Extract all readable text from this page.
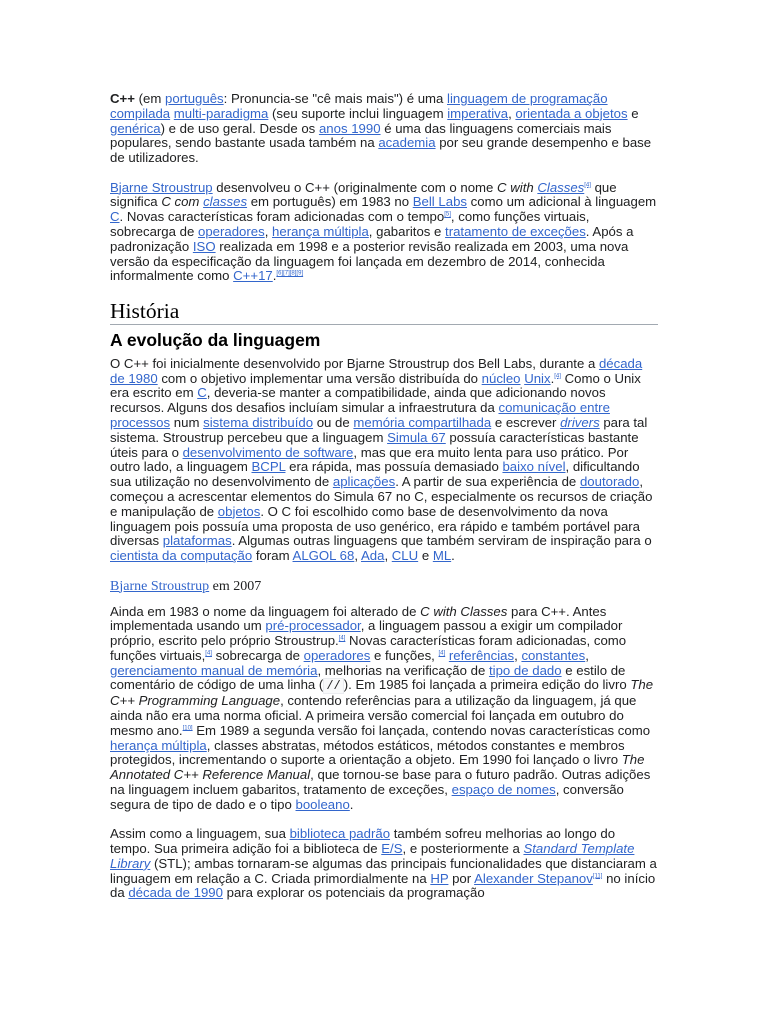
C++ (em português: Pronuncia-se "cê mais mais") é uma linguagem de programação compilada multi-paradigma (seu suporte inclui linguagem imperativa, orientada a objetos e genérica) e de uso geral. Desde os anos 1990 é uma das linguagens comerciais mais populares, sendo bastante usada também na academia por seu grande desempenho e base de utilizadores.

Bjarne Stroustrup desenvolveu o C++ (originalmente com o nome C with Classes[4] que significa C com classes em português) em 1983 no Bell Labs como um adicional à linguagem C. Novas características foram adicionadas com o tempo[5], como funções virtuais, sobrecarga de operadores, herança múltipla, gabaritos e tratamento de exceções. Após a padronização ISO realizada em 1998 e a posterior revisão realizada em 2003, uma nova versão da especificação da linguagem foi lançada em dezembro de 2014, conhecida informalmente como C++17.[6][7][8][9]

História
A evolução da linguagem

O C++ foi inicialmente desenvolvido por Bjarne Stroustrup dos Bell Labs, durante a década de 1980 com o objetivo implementar uma versão distribuída do núcleo Unix.[4] Como o Unix era escrito em C, deveria-se manter a compatibilidade, ainda que adicionando novos recursos. Alguns dos desafios incluíam simular a infraestrutura da comunicação entre processos num sistema distribuído ou de memória compartilhada e escrever drivers para tal sistema. Stroustrup percebeu que a linguagem Simula 67 possuía características bastante úteis para o desenvolvimento de software, mas que era muito lenta para uso prático. Por outro lado, a linguagem BCPL era rápida, mas possuía demasiado baixo nível, dificultando sua utilização no desenvolvimento de aplicações. A partir de sua experiência de doutorado, começou a acrescentar elementos do Simula 67 no C, especialmente os recursos de criação e manipulação de objetos. O C foi escolhido como base de desenvolvimento da nova linguagem pois possuía uma proposta de uso genérico, era rápido e também portável para diversas plataformas. Algumas outras linguagens que também serviram de inspiração para o cientista da computação foram ALGOL 68, Ada, CLU e ML.

Bjarne Stroustrup em 2007

Ainda em 1983 o nome da linguagem foi alterado de C with Classes para C++. Antes implementada usando um pré-processador, a linguagem passou a exigir um compilador próprio, escrito pelo próprio Stroustrup.[4] Novas características foram adicionadas, como funções virtuais,[4] sobrecarga de operadores e funções, [4] referências, constantes, gerenciamento manual de memória, melhorias na verificação de tipo de dado e estilo de comentário de código de uma linha ( // ). Em 1985 foi lançada a primeira edição do livro The C++ Programming Language, contendo referências para a utilização da linguagem, já que ainda não era uma norma oficial. A primeira versão comercial foi lançada em outubro do mesmo ano.[10] Em 1989 a segunda versão foi lançada, contendo novas características como herança múltipla, classes abstratas, métodos estáticos, métodos constantes e membros protegidos, incrementando o suporte a orientação a objeto. Em 1990 foi lançado o livro The Annotated C++ Reference Manual, que tornou-se base para o futuro padrão. Outras adições na linguagem incluem gabaritos, tratamento de exceções, espaço de nomes, conversão segura de tipo de dado e o tipo booleano.

Assim como a linguagem, sua biblioteca padrão também sofreu melhorias ao longo do tempo. Sua primeira adição foi a biblioteca de E/S, e posteriormente a Standard Template Library (STL); ambas tornaram-se algumas das principais funcionalidades que distanciaram a linguagem em relação a C. Criada primordialmente na HP por Alexander Stepanov[11] no início da década de 1990 para explorar os potenciais da programação
